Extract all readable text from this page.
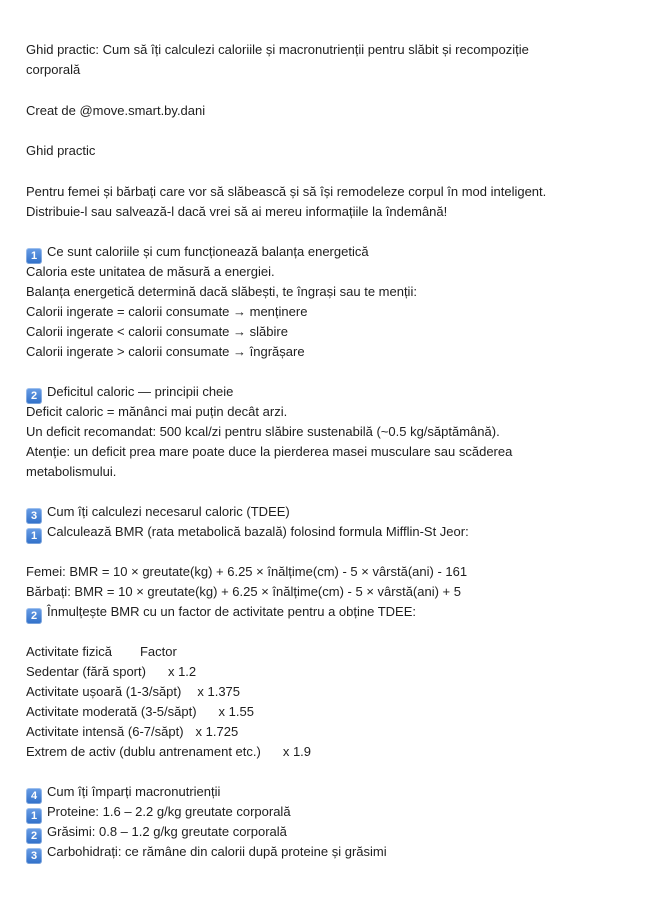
Ghid practic: Cum să îți calculezi caloriile și macronutrienții pentru slăbit și recompoziție corporală
Creat de @move.smart.by.dani
Ghid practic
Pentru femei și bărbați care vor să slăbească și să își remodeleze corpul în mod inteligent.
Distribuie-l sau salvează-l dacă vrei să ai mereu informațiile la îndemână!
1 Ce sunt caloriile și cum funcționează balanța energetică
Caloria este unitatea de măsură a energiei.
Balanța energetică determină dacă slăbești, te îngrași sau te menții:
Calorii ingerate = calorii consumate → menținere
Calorii ingerate < calorii consumate → slăbire
Calorii ingerate > calorii consumate → îngrășare
2 Deficitul caloric — principii cheie
Deficit caloric = mănânci mai puțin decât arzi.
Un deficit recomandat: 500 kcal/zi pentru slăbire sustenabilă (~0.5 kg/săptămână).
Atenție: un deficit prea mare poate duce la pierderea masei musculare sau scăderea
metabolismului.
3 Cum îți calculezi necesarul caloric (TDEE)
1 Calculează BMR (rata metabolică bazală) folosind formula Mifflin-St Jeor:
Femei: BMR = 10 × greutate(kg) + 6.25 × înălțime(cm) - 5 × vârstă(ani) - 161
Bărbați: BMR = 10 × greutate(kg) + 6.25 × înălțime(cm) - 5 × vârstă(ani) + 5
2 Înmulțește BMR cu un factor de activitate pentru a obține TDEE:
Activitate fizică Factor
Sedentar (fără sport) x 1.2
Activitate ușoară (1-3/săpt) x 1.375
Activitate moderată (3-5/săpt) x 1.55
Activitate intensă (6-7/săpt) x 1.725
Extrem de activ (dublu antrenament etc.) x 1.9
4 Cum îți împarți macronutrienții
1 Proteine: 1.6 – 2.2 g/kg greutate corporală
2 Grăsimi: 0.8 – 1.2 g/kg greutate corporală
3 Carbohidrați: ce rămâne din calorii după proteine și grăsimi
